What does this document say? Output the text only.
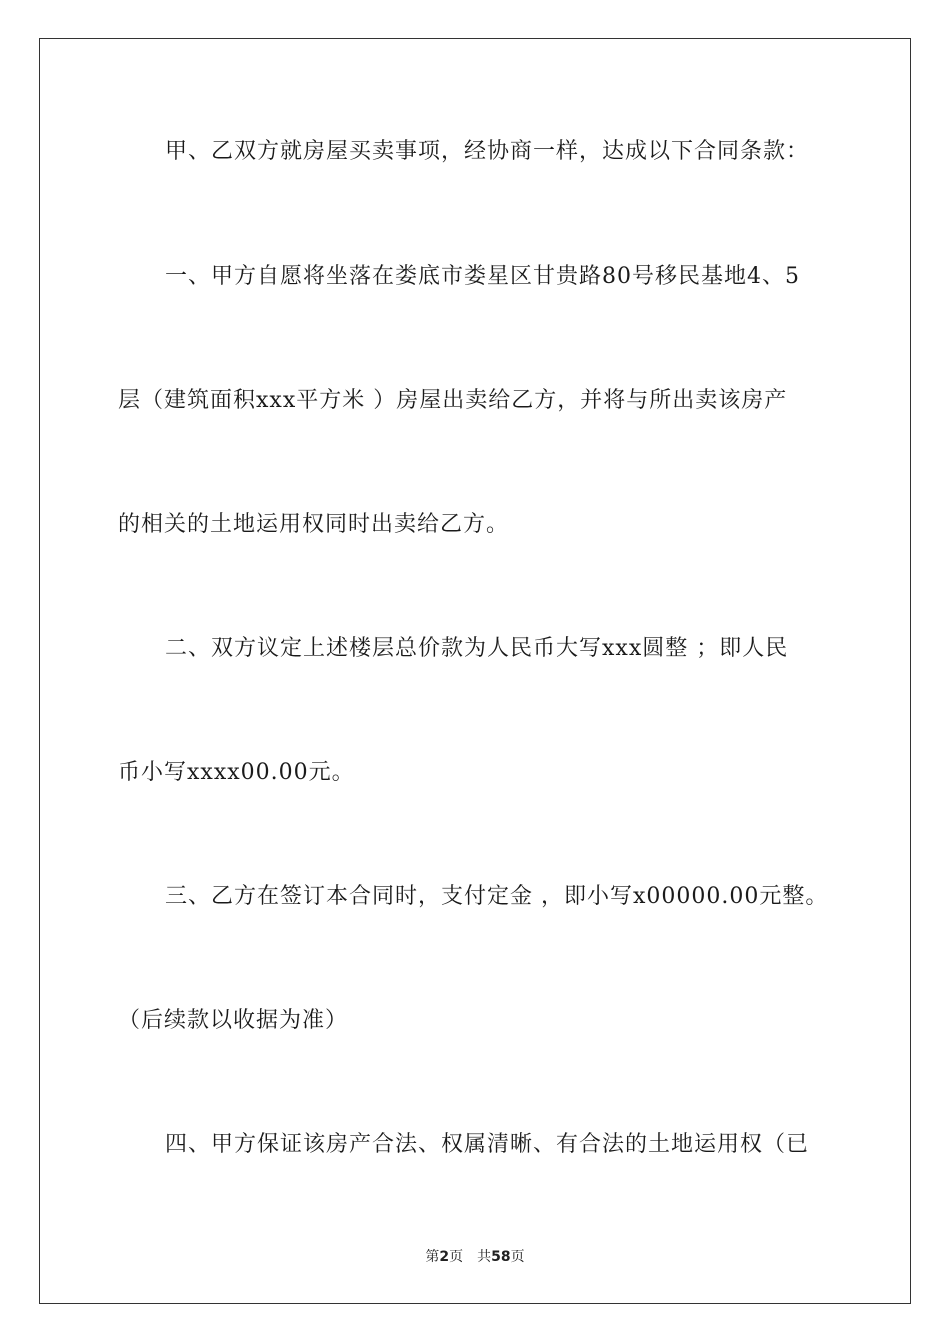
甲、乙双方就房屋买卖事项，经协商一样，达成以下合同条款：
一、甲方自愿将坐落在娄底市娄星区甘贵路80号移民基地4、5
层（建筑面积xxx平方米 ）房屋出卖给乙方，并将与所出卖该房产
的相关的土地运用权同时出卖给乙方。
二、双方议定上述楼层总价款为人民币大写xxx圆整 ；即人民
币小写xxxx00.00元。
三、乙方在签订本合同时，支付定金 ，即小写x00000.00元整。
（后续款以收据为准）
四、甲方保证该房产合法、权属清晰、有合法的土地运用权（已
第2页 共58页
